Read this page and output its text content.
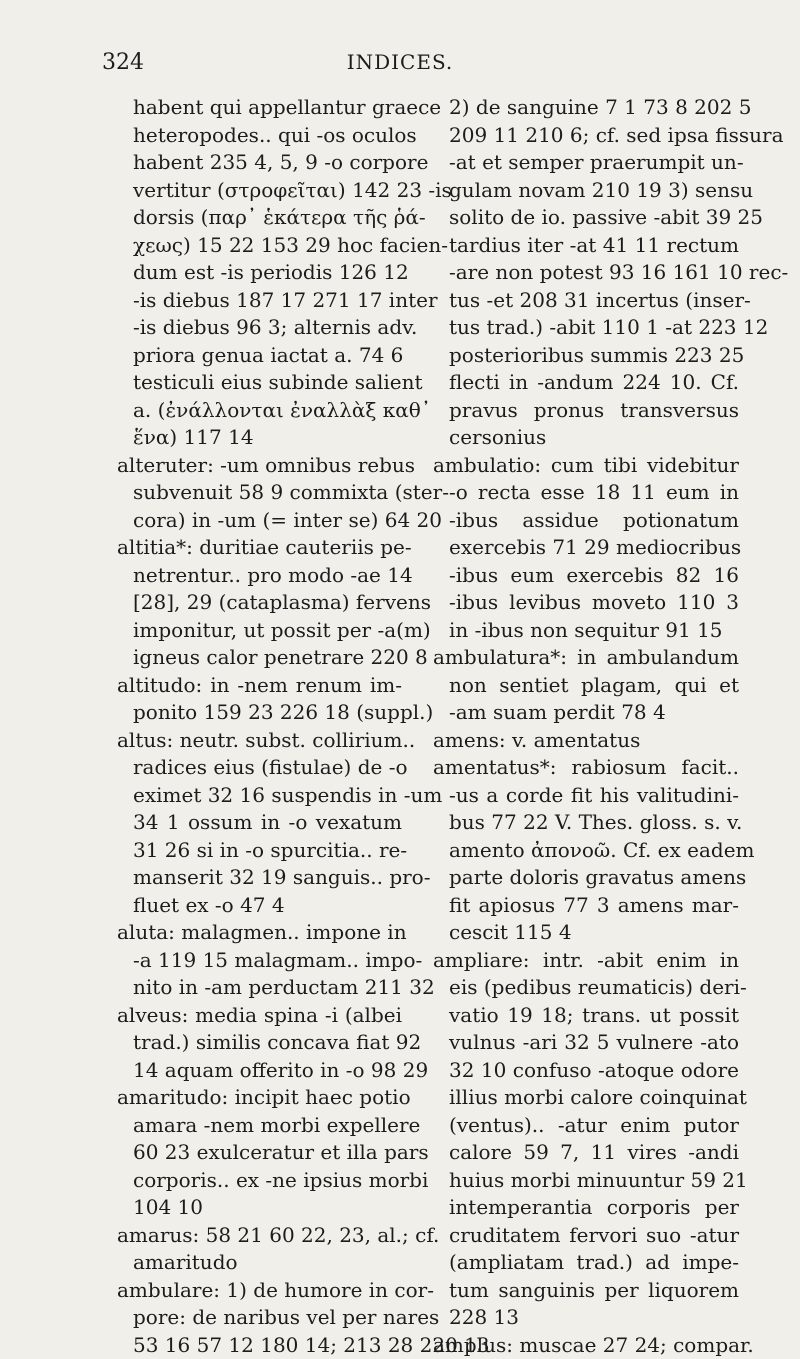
324	INDICES.
habent qui appellantur graece
heteropodes.. qui -os oculos
habent 235 4, 5, 9 -o corpore
vertitur (στροφεῖται) 142 23 -is
dorsis (παρ᾽ ἑκάτερα τῆς ῥά-
χεως) 15 22 153 29 hoc facien-
dum est -is periodis 126 12
-is diebus 187 17 271 17 inter
-is diebus 96 3; alternis adv.
priora genua iactat a. 74 6
testiculi eius subinde salient
a. (ἐνάλλονται ἐναλλὰξ καθ᾽
ἕνα) 117 14
alteruter: -um omnibus rebus
subvenuit 58 9 commixta (ster-
cora) in -um (= inter se) 64 20
altitia*: duritiae cauteriis pe-
netrentur.. pro modo -ae 14
[28], 29 (cataplasma) fervens
imponitur, ut possit per -a(m)
igneus calor penetrare 220 8
altitudo: in -nem renum im-
ponito 159 23 226 18 (suppl.)
altus: neutr. subst. collirium..
radices eius (fistulae) de -o
eximet 32 16 suspendis in -um
34 1 ossum in -o vexatum
31 26 si in -o spurcitia.. re-
manserit 32 19 sanguis.. pro-
fluet ex -o 47 4
aluta: malagmen.. impone in
-a 119 15 malagmam.. impo-
nito in -am perductam 211 32
alveus: media spina -i (albei
trad.) similis concava fiat 92
14 aquam offerito in -o 98 29
amaritudo: incipit haec potio
amara -nem morbi expellere
60 23 exulceratur et illa pars
corporis.. ex -ne ipsius morbi
104 10
amarus: 58 21 60 22, 23, al.; cf.
amaritudo
ambulare: 1) de humore in cor-
pore: de naribus vel per nares
53 16 57 12 180 14; 213 28 220 13
2) de sanguine 7 1 73 8 202 5
209 11 210 6; cf. sed ipsa fissura
-at et semper praerumpit un-
gulam novam 210 19 3) sensu
solito de io. passive -abit 39 25
tardius iter -at 41 11 rectum
-are non potest 93 16 161 10 rec-
tus -et 208 31 incertus (inser-
tus trad.) -abit 110 1 -at 223 12
posterioribus summis 223 25
flecti in -andum 224 10. Cf.
pravus pronus transversus
cersonius
ambulatio: cum tibi videbitur
-o recta esse 18 11 eum in
-ibus assidue potionatum
exercebis 71 29 mediocribus
-ibus eum exercebis 82 16
-ibus levibus moveto 110 3
in -ibus non sequitur 91 15
ambulatura*: in ambulandum
non sentiet plagam, qui et
-am suam perdit 78 4
amens: v. amentatus
amentatus*: rabiosum facit..
-us a corde fit his valitudini-
bus 77 22 V. Thes. gloss. s. v.
amento ἀπονοῶ. Cf. ex eadem
parte doloris gravatus amens
fit apiosus 77 3 amens mar-
cescit 115 4
ampliare: intr. -abit enim in
eis (pedibus reumaticis) deri-
vatio 19 18; trans. ut possit
vulnus -ari 32 5 vulnere -ato
32 10 confuso -atoque odore
illius morbi calore coinquinat
(ventus).. -atur enim putor
calore 59 7, 11 vires -andi
huius morbi minuuntur 59 21
intemperantia corporis per
cruditatem fervori suo -atur
(ampliatam trad.) ad impe-
tum sanguinis per liquorem
228 13
amplus: muscae 27 24; compar.
